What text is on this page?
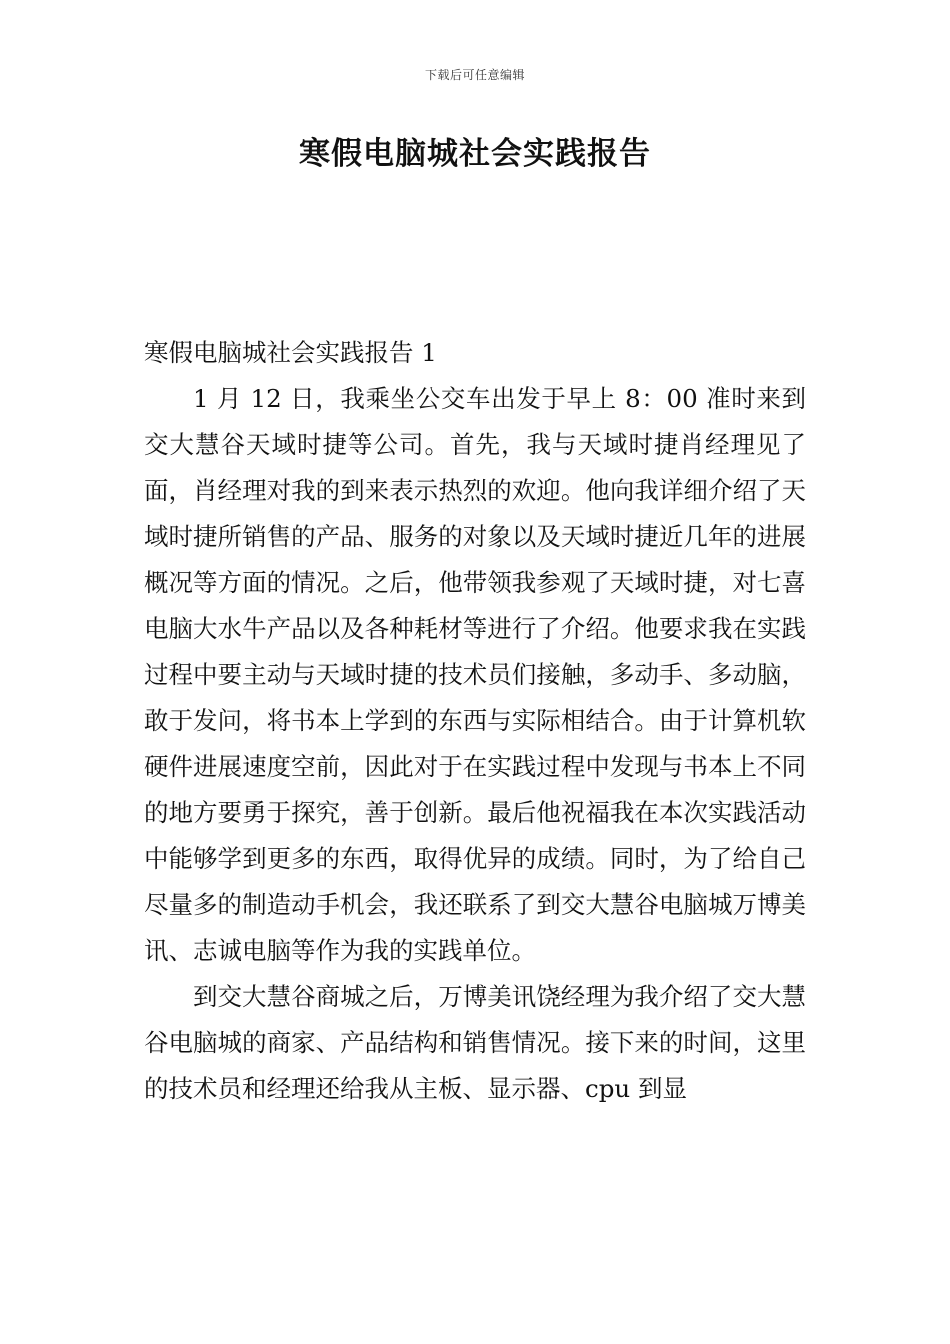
下载后可任意编辑
寒假电脑城社会实践报告

寒假电脑城社会实践报告 1

1 月 12 日，我乘坐公交车出发于早上 8：00 准时来到交大慧谷天域时捷等公司。首先，我与天域时捷肖经理见了面，肖经理对我的到来表示热烈的欢迎。他向我详细介绍了天域时捷所销售的产品、服务的对象以及天域时捷近几年的进展概况等方面的情况。之后，他带领我参观了天域时捷，对七喜电脑大水牛产品以及各种耗材等进行了介绍。他要求我在实践过程中要主动与天域时捷的技术员们接触，多动手、多动脑，敢于发问，将书本上学到的东西与实际相结合。由于计算机软硬件进展速度空前，因此对于在实践过程中发现与书本上不同的地方要勇于探究，善于创新。最后他祝福我在本次实践活动中能够学到更多的东西，取得优异的成绩。同时，为了给自己尽量多的制造动手机会，我还联系了到交大慧谷电脑城万博美讯、志诚电脑等作为我的实践单位。

到交大慧谷商城之后，万博美讯饶经理为我介绍了交大慧谷电脑城的商家、产品结构和销售情况。接下来的时间，这里的技术员和经理还给我从主板、显示器、cpu 到显
